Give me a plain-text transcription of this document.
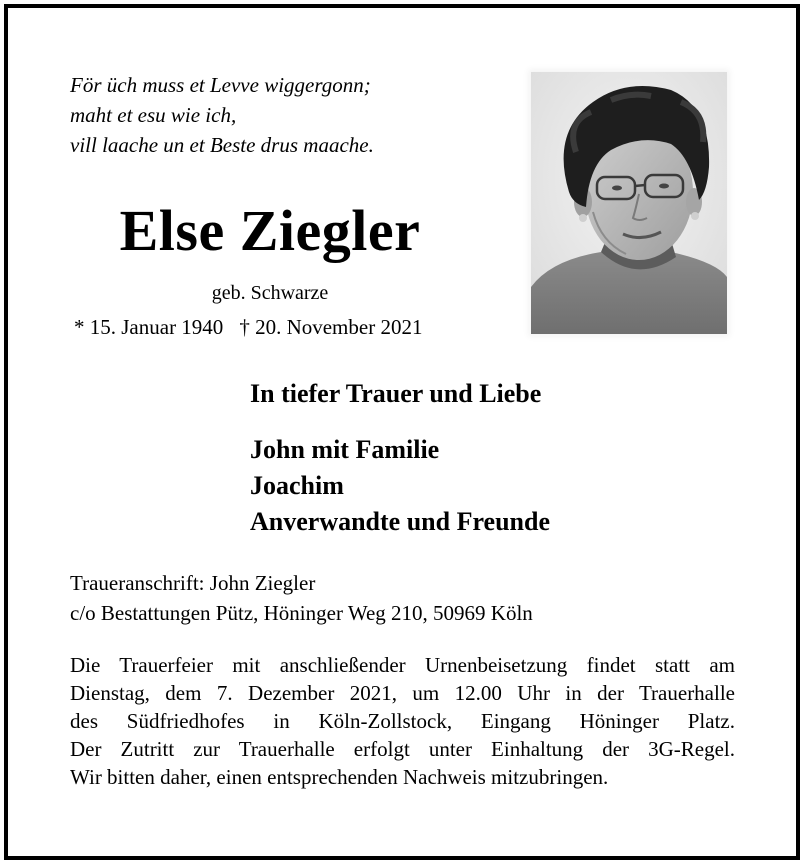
För üch muss et Levve wiggergonn;
maht et esu wie ich,
vill laache un et Beste drus maache.
Else Ziegler
geb. Schwarze
* 15. Januar 1940 † 20. November 2021
In tiefer Trauer und Liebe
John mit Familie
Joachim
Anverwandte und Freunde
Traueranschrift: John Ziegler
c/o Bestattungen Pütz, Höninger Weg 210, 50969 Köln
Die Trauerfeier mit anschließender Urnenbeisetzung findet statt am
Dienstag, dem 7. Dezember 2021, um 12.00 Uhr in der Trauerhalle
des Südfriedhofes in Köln-Zollstock, Eingang Höninger Platz.
Der Zutritt zur Trauerhalle erfolgt unter Einhaltung der 3G-Regel.
Wir bitten daher, einen entsprechenden Nachweis mitzubringen.
